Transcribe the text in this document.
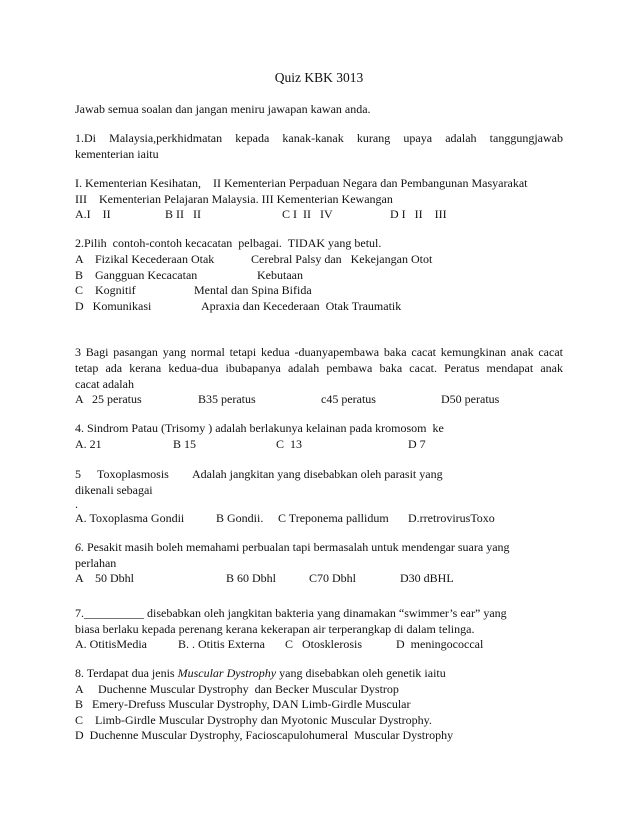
Quiz KBK 3013
Jawab semua soalan dan jangan meniru jawapan kawan anda.
1.Di Malaysia,perkhidmatan kepada kanak-kanak kurang upaya adalah tanggungjawab
kementerian iaitu
I. Kementerian Kesihatan,    II Kementerian Perpaduan Negara dan Pembangunan Masyarakat
III    Kementerian Pelajaran Malaysia. III Kementerian Kewangan
A.I    II	B II   II	C I  II   IV	D I   II    III
2.Pilih  contoh-contoh kecacatan  pelbagai.  TIDAK yang betul.
A    Fizikal Kecederaan Otak	Cerebral Palsy dan   Kekejangan Otot
B    Gangguan Kecacatan	Kebutaan
C    Kognitif	Mental dan Spina Bifida
D   Komunikasi	Apraxia dan Kecederaan  Otak Traumatik
3 Bagi pasangan yang normal tetapi kedua -duanyapembawa baka cacat kemungkinan anak cacat
tetap ada kerana kedua-dua ibubapanya adalah pembawa baka cacat. Peratus mendapat anak
cacat adalah
A   25 peratus	B35 peratus	c45 peratus	D50 peratus
4. Sindrom Patau (Trisomy ) adalah berlakunya kelainan pada kromosom  ke
A. 21	B 15	C  13	D 7
5 Toxoplasmosis Adalah jangkitan yang disebabkan oleh parasit yang
dikenali sebagai
.
A. Toxoplasma Gondii	B Gondii. C Treponema pallidum D.rretrovirusToxo
6. Pesakit masih boleh memahami perbualan tapi bermasalah untuk mendengar suara yang
perlahan
A    50 Dbhl	B 60 Dbhl	C70 Dbhl	D30 dBHL
7.__________ disebabkan oleh jangkitan bakteria yang dinamakan “swimmer’s ear” yang
biasa berlaku kepada perenang kerana kekerapan air terperangkap di dalam telinga.
A. OtitisMedia	B. . Otitis Externa C   Otosklerosis	D  meningococcal
8. Terdapat dua jenis Muscular Dystrophy yang disebabkan oleh genetik iaitu
A     Duchenne Muscular Dystrophy  dan Becker Muscular Dystrop
B   Emery-Drefuss Muscular Dystrophy, DAN Limb-Girdle Muscular
C    Limb-Girdle Muscular Dystrophy dan Myotonic Muscular Dystrophy.
D  Duchenne Muscular Dystrophy, Facioscapulohumeral  Muscular Dystrophy
